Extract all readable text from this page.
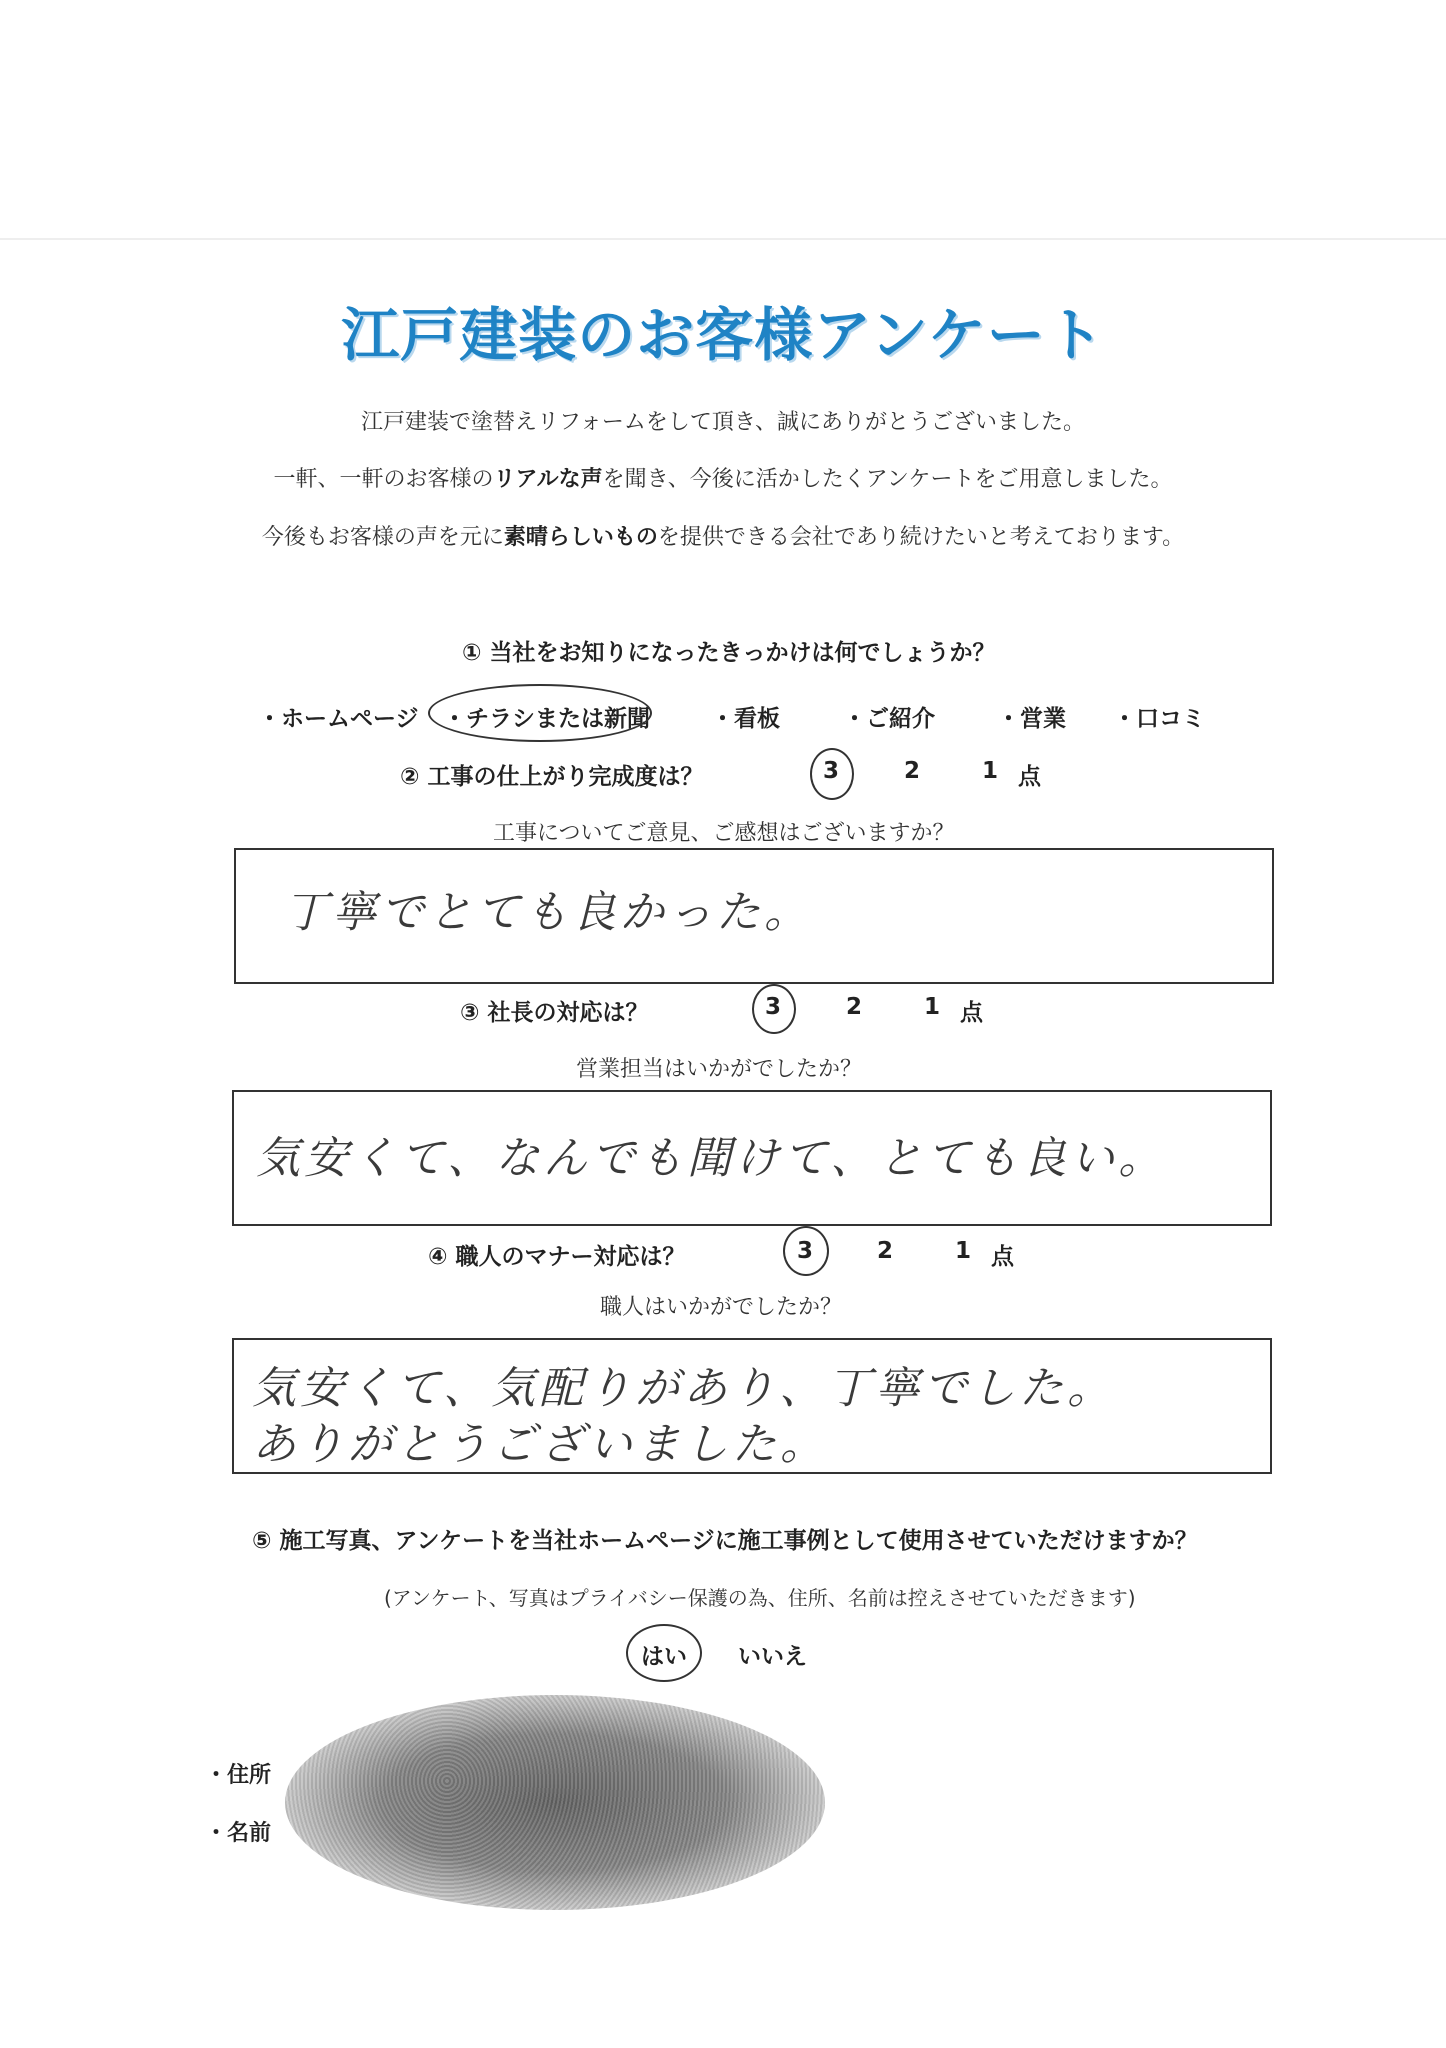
江戸建装のお客様アンケート
江戸建装で塗替えリフォームをして頂き、誠にありがとうございました。
一軒、一軒のお客様のリアルな声を聞き、今後に活かしたくアンケートをご用意しました。
今後もお客様の声を元に素晴らしいものを提供できる会社であり続けたいと考えております。
① 当社をお知りになったきっかけは何でしょうか？
・ホームページ ・チラシまたは新聞	・看板	・ご紹介	・営業 ・口コミ
② 工事の仕上がり完成度は？	3	2	1 点
工事についてご意見、ご感想はございますか？
丁寧でとても良かった。
③ 社長の対応は？	3	2	1 点
営業担当はいかがでしたか？
気安くて、なんでも聞けて、とても良い。
④ 職人のマナー対応は？	3	2	1 点
職人はいかがでしたか？
気安くて、気配りがあり、丁寧でした。
ありがとうございました。
⑤ 施工写真、アンケートを当社ホームページに施工事例として使用させていただけますか？
(アンケート、写真はプライバシー保護の為、住所、名前は控えさせていただきます)
はい いいえ
・住所
・名前
